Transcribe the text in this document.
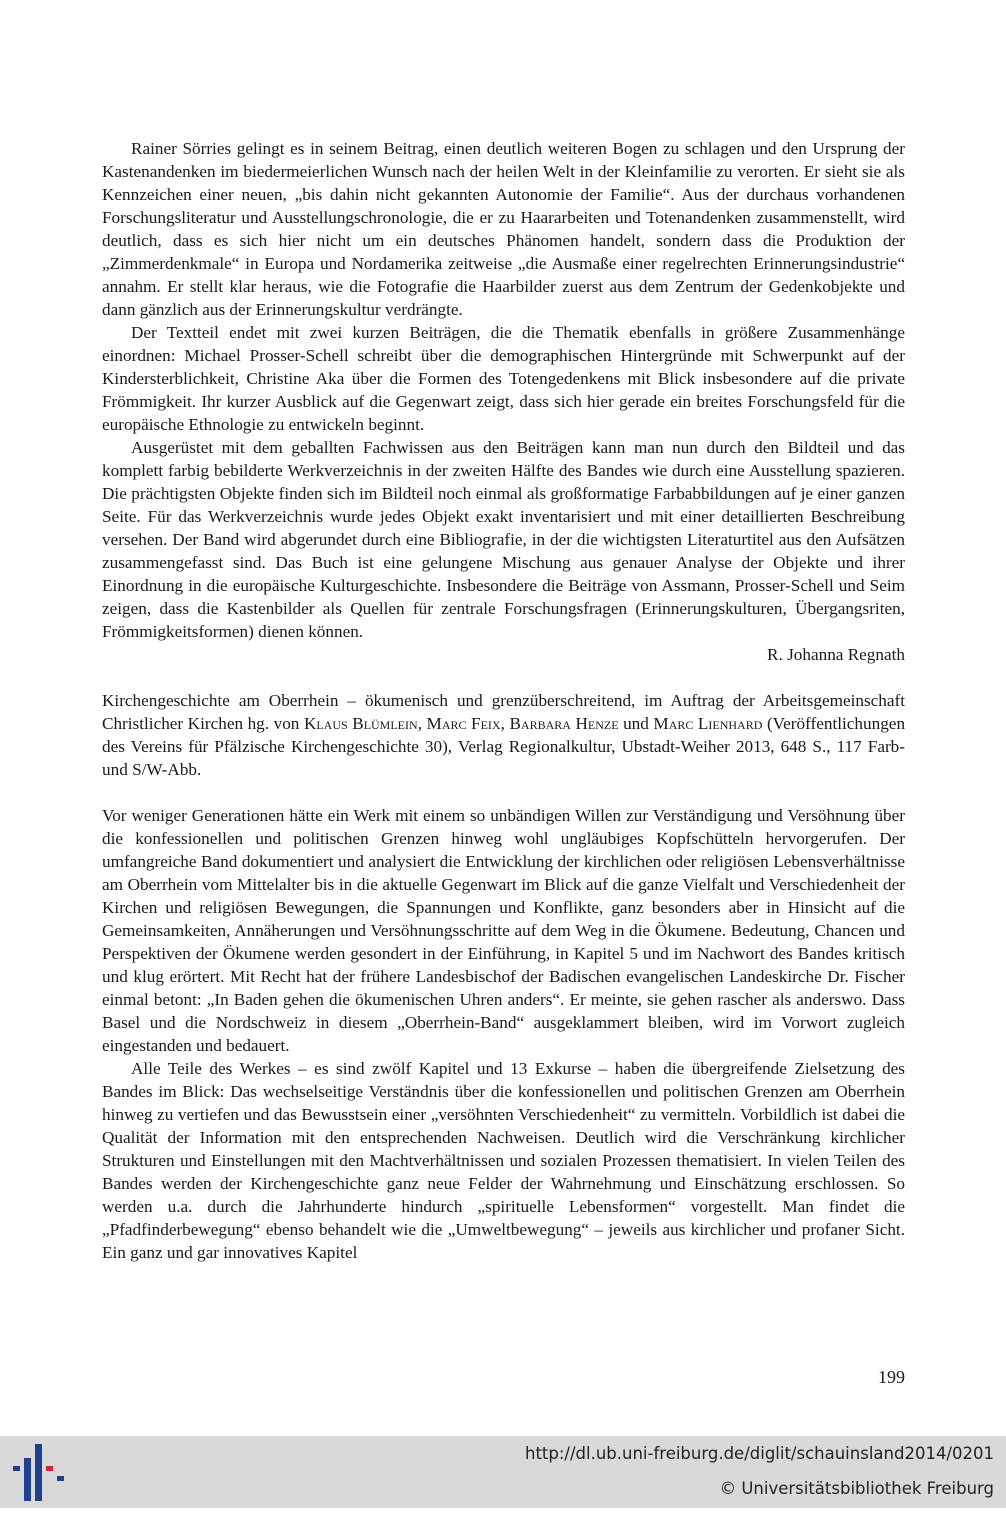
Rainer Sörries gelingt es in seinem Beitrag, einen deutlich weiteren Bogen zu schlagen und den Ursprung der Kastenandenken im biedermeierlichen Wunsch nach der heilen Welt in der Kleinfamilie zu verorten. Er sieht sie als Kennzeichen einer neuen, „bis dahin nicht gekannten Autonomie der Familie“. Aus der durchaus vorhandenen Forschungsliteratur und Ausstellungschronologie, die er zu Haararbeiten und Totenandenken zusammenstellt, wird deutlich, dass es sich hier nicht um ein deutsches Phänomen handelt, sondern dass die Produktion der „Zimmerdenkmale“ in Europa und Nordamerika zeitweise „die Ausmaße einer regelrechten Erinnerungsindustrie“ annahm. Er stellt klar heraus, wie die Fotografie die Haarbilder zuerst aus dem Zentrum der Gedenkobjekte und dann gänzlich aus der Erinnerungskultur verdrängte.

Der Textteil endet mit zwei kurzen Beiträgen, die die Thematik ebenfalls in größere Zusammenhänge einordnen: Michael Prosser-Schell schreibt über die demographischen Hintergründe mit Schwerpunkt auf der Kindersterblichkeit, Christine Aka über die Formen des Totengedenkens mit Blick insbesondere auf die private Frömmigkeit. Ihr kurzer Ausblick auf die Gegenwart zeigt, dass sich hier gerade ein breites Forschungsfeld für die europäische Ethnologie zu entwickeln beginnt.

Ausgerüstet mit dem geballten Fachwissen aus den Beiträgen kann man nun durch den Bildteil und das komplett farbig bebilderte Werkverzeichnis in der zweiten Hälfte des Bandes wie durch eine Ausstellung spazieren. Die prächtigsten Objekte finden sich im Bildteil noch einmal als großformatige Farbabbildungen auf je einer ganzen Seite. Für das Werkverzeichnis wurde jedes Objekt exakt inventarisiert und mit einer detaillierten Beschreibung versehen. Der Band wird abgerundet durch eine Bibliografie, in der die wichtigsten Literaturtitel aus den Aufsätzen zusammengefasst sind. Das Buch ist eine gelungene Mischung aus genauer Analyse der Objekte und ihrer Einordnung in die europäische Kulturgeschichte. Insbesondere die Beiträge von Assmann, Prosser-Schell und Seim zeigen, dass die Kastenbilder als Quellen für zentrale Forschungsfragen (Erinnerungskulturen, Übergangsriten, Frömmigkeitsformen) dienen können.

R. Johanna Regnath

Kirchengeschichte am Oberrhein – ökumenisch und grenzüberschreitend, im Auftrag der Arbeitsgemeinschaft Christlicher Kirchen hg. von Klaus Blümlein, Marc Feix, Barbara Henze und Marc Lienhard (Veröffentlichungen des Vereins für Pfälzische Kirchengeschichte 30), Verlag Regionalkultur, Ubstadt-Weiher 2013, 648 S., 117 Farb- und S/W-Abb.

Vor weniger Generationen hätte ein Werk mit einem so unbändigen Willen zur Verständigung und Versöhnung über die konfessionellen und politischen Grenzen hinweg wohl ungläubiges Kopfschütteln hervorgerufen. Der umfangreiche Band dokumentiert und analysiert die Entwicklung der kirchlichen oder religiösen Lebensverhältnisse am Oberrhein vom Mittelalter bis in die aktuelle Gegenwart im Blick auf die ganze Vielfalt und Verschiedenheit der Kirchen und religiösen Bewegungen, die Spannungen und Konflikte, ganz besonders aber in Hinsicht auf die Gemeinsamkeiten, Annäherungen und Versöhnungsschritte auf dem Weg in die Ökumene. Bedeutung, Chancen und Perspektiven der Ökumene werden gesondert in der Einführung, in Kapitel 5 und im Nachwort des Bandes kritisch und klug erörtert. Mit Recht hat der frühere Landesbischof der Badischen evangelischen Landeskirche Dr. Fischer einmal betont: „In Baden gehen die ökumenischen Uhren anders“. Er meinte, sie gehen rascher als anderswo. Dass Basel und die Nordschweiz in diesem „Oberrhein-Band“ ausgeklammert bleiben, wird im Vorwort zugleich eingestanden und bedauert.

Alle Teile des Werkes – es sind zwölf Kapitel und 13 Exkurse – haben die übergreifende Zielsetzung des Bandes im Blick: Das wechselseitige Verständnis über die konfessionellen und politischen Grenzen am Oberrhein hinweg zu vertiefen und das Bewusstsein einer „versöhnten Verschiedenheit“ zu vermitteln. Vorbildlich ist dabei die Qualität der Information mit den entsprechenden Nachweisen. Deutlich wird die Verschränkung kirchlicher Strukturen und Einstellungen mit den Machtverhältnissen und sozialen Prozessen thematisiert. In vielen Teilen des Bandes werden der Kirchengeschichte ganz neue Felder der Wahrnehmung und Einschätzung erschlossen. So werden u.a. durch die Jahrhunderte hindurch „spirituelle Lebensformen“ vorgestellt. Man findet die „Pfadfinderbewegung“ ebenso behandelt wie die „Umweltbewegung“ – jeweils aus kirchlicher und profaner Sicht. Ein ganz und gar innovatives Kapitel

199
http://dl.ub.uni-freiburg.de/diglit/schauinsland2014/0201
© Universitätsbibliothek Freiburg
